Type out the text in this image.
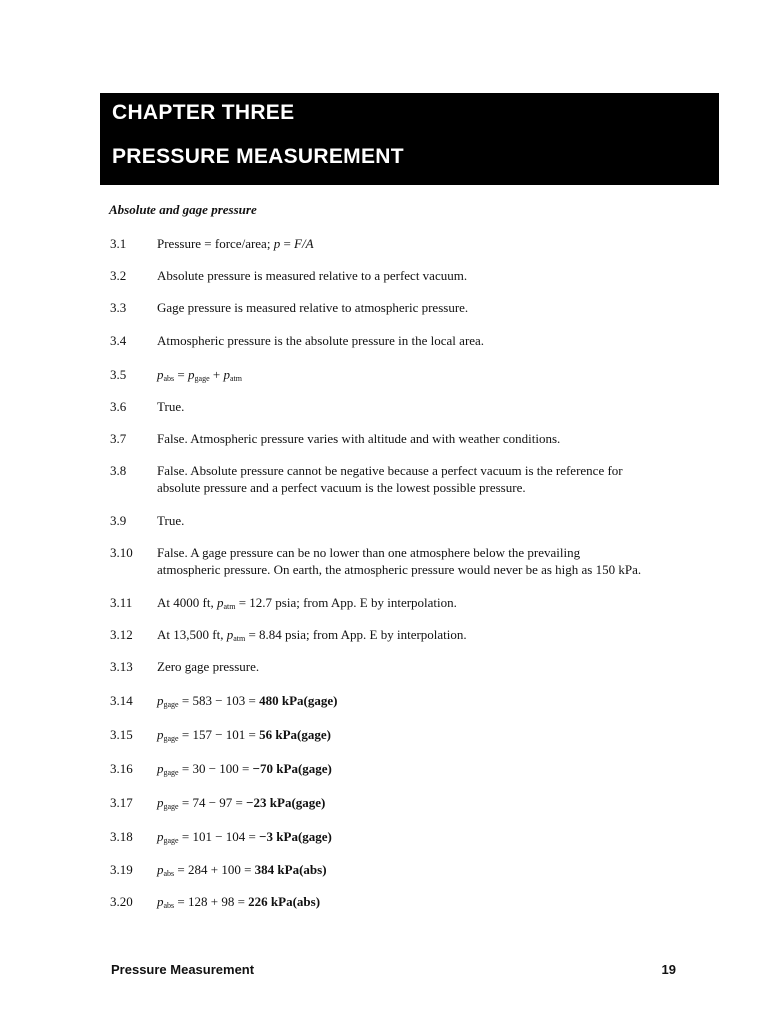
CHAPTER THREE
PRESSURE MEASUREMENT
Absolute and gage pressure
3.1 Pressure = force/area; p = F/A
3.2 Absolute pressure is measured relative to a perfect vacuum.
3.3 Gage pressure is measured relative to atmospheric pressure.
3.4 Atmospheric pressure is the absolute pressure in the local area.
3.5 $p_{abs} = p_{gage} + p_{atm}$
3.6 True.
3.7 False. Atmospheric pressure varies with altitude and with weather conditions.
3.8 False. Absolute pressure cannot be negative because a perfect vacuum is the reference for
absolute pressure and a perfect vacuum is the lowest possible pressure.
3.9 True.
3.10 False. A gage pressure can be no lower than one atmosphere below the prevailing
atmospheric pressure. On earth, the atmospheric pressure would never be as high as 150 kPa.
3.11 At 4000 ft, $p_{atm} = 12.7$ psia; from App. E by interpolation.
3.12 At 13,500 ft, $p_{atm} = 8.84$ psia; from App. E by interpolation.
3.13 Zero gage pressure.
3.14 $p_{gage} = 583 - 103 = 480$ kPa(gage)
3.15 $p_{gage} = 157 - 101 = 56$ kPa(gage)
3.16 $p_{gage} = 30 - 100 = -70$ kPa(gage)
3.17 $p_{gage} = 74 - 97 = -23$ kPa(gage)
3.18 $p_{gage} = 101 - 104 = -3$ kPa(gage)
3.19 $p_{abs} = 284 + 100 = 384$ kPa(abs)
3.20 $p_{abs} = 128 + 98 = 226$ kPa(abs)
Pressure Measurement	19
